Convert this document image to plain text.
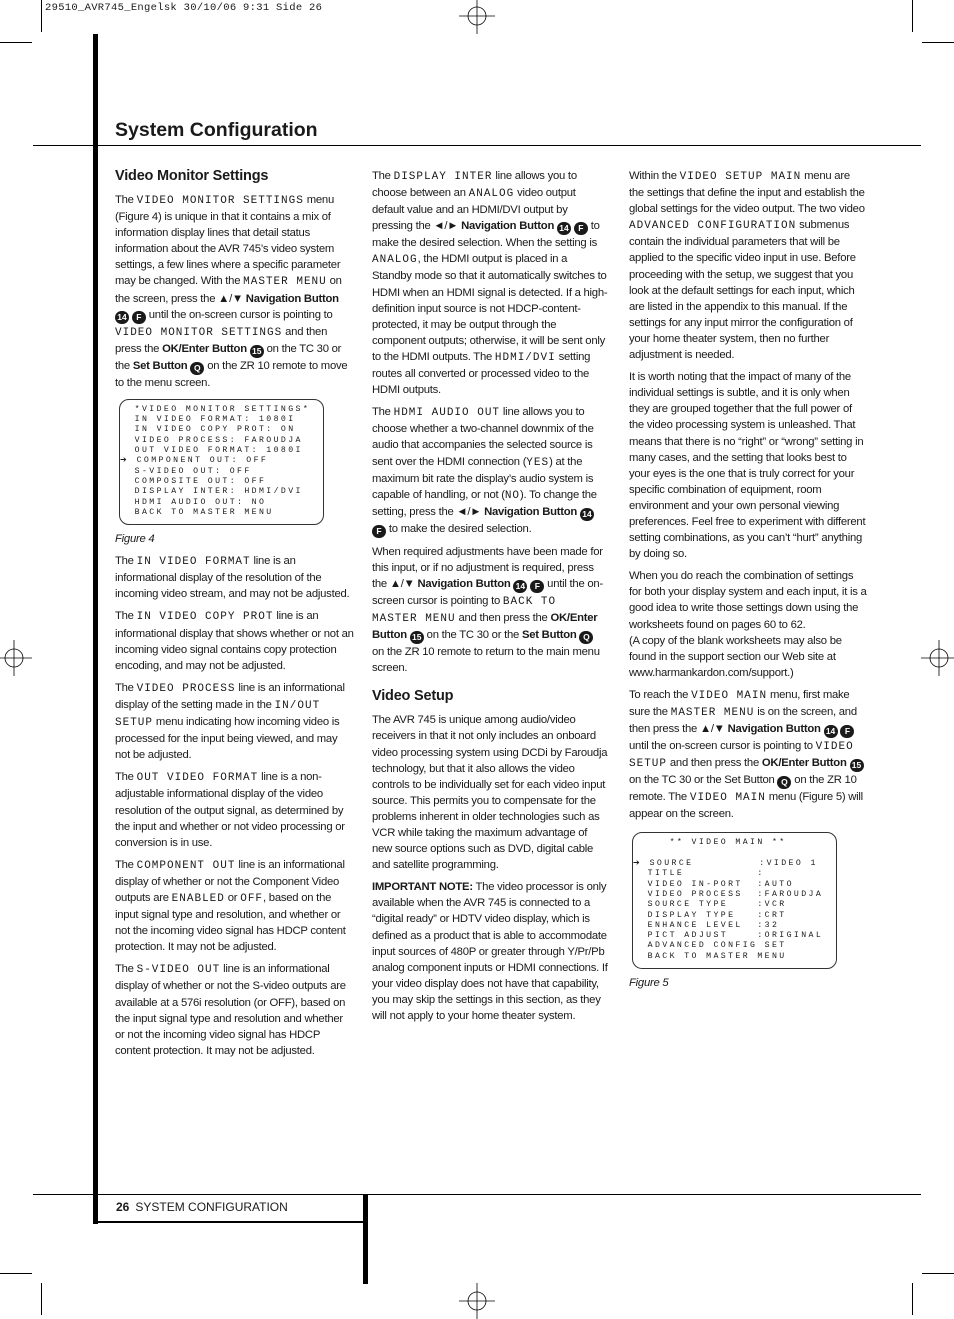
29510_AVR745_Engelsk 30/10/06 9:31 Side 26
System Configuration
Video Monitor Settings

The VIDEO MONITOR SETTINGS menu (Figure 4) is unique in that it contains a mix of information display lines that detail status information about the AVR 745’s video system settings, a few lines where a specific parameter may be changed. With the MASTER MENU on the screen, press the ▲/▼ Navigation Button 14 F until the on-screen cursor is pointing to VIDEO MONITOR SETTINGS and then press the OK/Enter Button 15 on the TC 30 or the Set Button Q on the ZR 10 remote to move to the menu screen.

*VIDEO MONITOR SETTINGS*
IN VIDEO FORMAT: 1080I
IN VIDEO COPY PROT: ON
VIDEO PROCESS: FAROUDJA
OUT VIDEO FORMAT: 1080I
➔ COMPONENT OUT: OFF
S-VIDEO OUT: OFF
COMPOSITE OUT: OFF
DISPLAY INTER: HDMI/DVI
HDMI AUDIO OUT: NO
BACK TO MASTER MENU

Figure 4

The IN VIDEO FORMAT line is an informational display of the resolution of the incoming video stream, and may not be adjusted.

The IN VIDEO COPY PROT line is an informational display that shows whether or not an incoming video signal contains copy protection encoding, and may not be adjusted.

The VIDEO PROCESS line is an informational display of the setting made in the IN/OUT SETUP menu indicating how incoming video is processed for the input being viewed, and may not be adjusted.

The OUT VIDEO FORMAT line is a non-adjustable informational display of the video resolution of the output signal, as determined by the input and whether or not video processing or conversion is in use.

The COMPONENT OUT line is an informational display of whether or not the Component Video outputs are ENABLED or OFF, based on the input signal type and resolution, and whether or not the incoming video signal has HDCP content protection. It may not be adjusted.

The S-VIDEO OUT line is an informational display of whether or not the S-video outputs are available at a 576i resolution (or OFF), based on the input signal type and resolution and whether or not the incoming video signal has HDCP content protection. It may not be adjusted.

The DISPLAY INTER line allows you to choose between an ANALOG video output default value and an HDMI/DVI output by pressing the ◄/► Navigation Button 14 F to make the desired selection. When the setting is ANALOG, the HDMI output is placed in a Standby mode so that it automatically switches to HDMI when an HDMI signal is detected. If a high-definition input source is not HDCP-content-protected, it may be output through the component outputs; otherwise, it will be sent only to the HDMI outputs. The HDMI/DVI setting routes all converted or processed video to the HDMI outputs.

The HDMI AUDIO OUT line allows you to choose whether a two-channel downmix of the audio that accompanies the selected source is sent over the HDMI connection (YES) at the maximum bit rate the display’s audio system is capable of handling, or not (NO). To change the setting, press the ◄/► Navigation Button 14 F to make the desired selection.

When required adjustments have been made for this input, or if no adjustment is required, press the ▲/▼ Navigation Button 14 F until the on-screen cursor is pointing to BACK TO MASTER MENU and then press the OK/Enter Button 15 on the TC 30 or the Set Button Q on the ZR 10 remote to return to the main menu screen.

Video Setup

The AVR 745 is unique among audio/video receivers in that it not only includes an onboard video processing system using DCDi by Faroudja technology, but that it also allows the video controls to be individually set for each video input source. This permits you to compensate for the problems inherent in older technologies such as VCR while taking the maximum advantage of new source options such as DVD, digital cable and satellite programming.

IMPORTANT NOTE: The video processor is only available when the AVR 745 is connected to a “digital ready” or HDTV video display, which is defined as a product that is able to accommodate input sources of 480P or greater through Y/Pr/Pb analog component inputs or HDMI connections. If your video display does not have that capability, you may skip the settings in this section, as they will not apply to your home theater system.

Within the VIDEO SETUP MAIN menu are the settings that define the input and establish the global settings for the video output. The two video ADVANCED CONFIGURATION submenus contain the individual parameters that will be applied to the specific video input in use. Before proceeding with the setup, we suggest that you look at the default settings for each input, which are listed in the appendix to this manual. If the settings for any input mirror the configuration of your home theater system, then no further adjustment is needed.

It is worth noting that the impact of many of the individual settings is subtle, and it is only when they are grouped together that the full power of the video processing system is unleashed. That means that there is no “right” or “wrong” setting in many cases, and the setting that looks best to your eyes is the one that is truly correct for your specific combination of equipment, room environment and your own personal viewing preferences. Feel free to experiment with different setting combinations, as you can’t “hurt” anything by doing so.

When you do reach the combination of settings for both your display system and each input, it is a good idea to write those settings down using the worksheets found on pages 60 to 62.

(A copy of the blank worksheets may also be found in the support section our Web site at www.harmankardon.com/support.)

To reach the VIDEO MAIN menu, first make sure the MASTER MENU is on the screen, and then press the ▲/▼ Navigation Button 14 F until the on-screen cursor is pointing to VIDEO SETUP and then press the OK/Enter Button 15 on the TC 30 or the Set Button Q on the ZR 10 remote. The VIDEO MAIN menu (Figure 5) will appear on the screen.

** VIDEO MAIN **

➔ SOURCE         :VIDEO 1
TITLE          :
VIDEO IN-PORT  :AUTO
VIDEO PROCESS  :FAROUDJA
SOURCE TYPE    :VCR
DISPLAY TYPE   :CRT
ENHANCE LEVEL  :32
PICT ADJUST    :ORIGINAL
ADVANCED CONFIG SET
BACK TO MASTER MENU

Figure 5

26 SYSTEM CONFIGURATION
